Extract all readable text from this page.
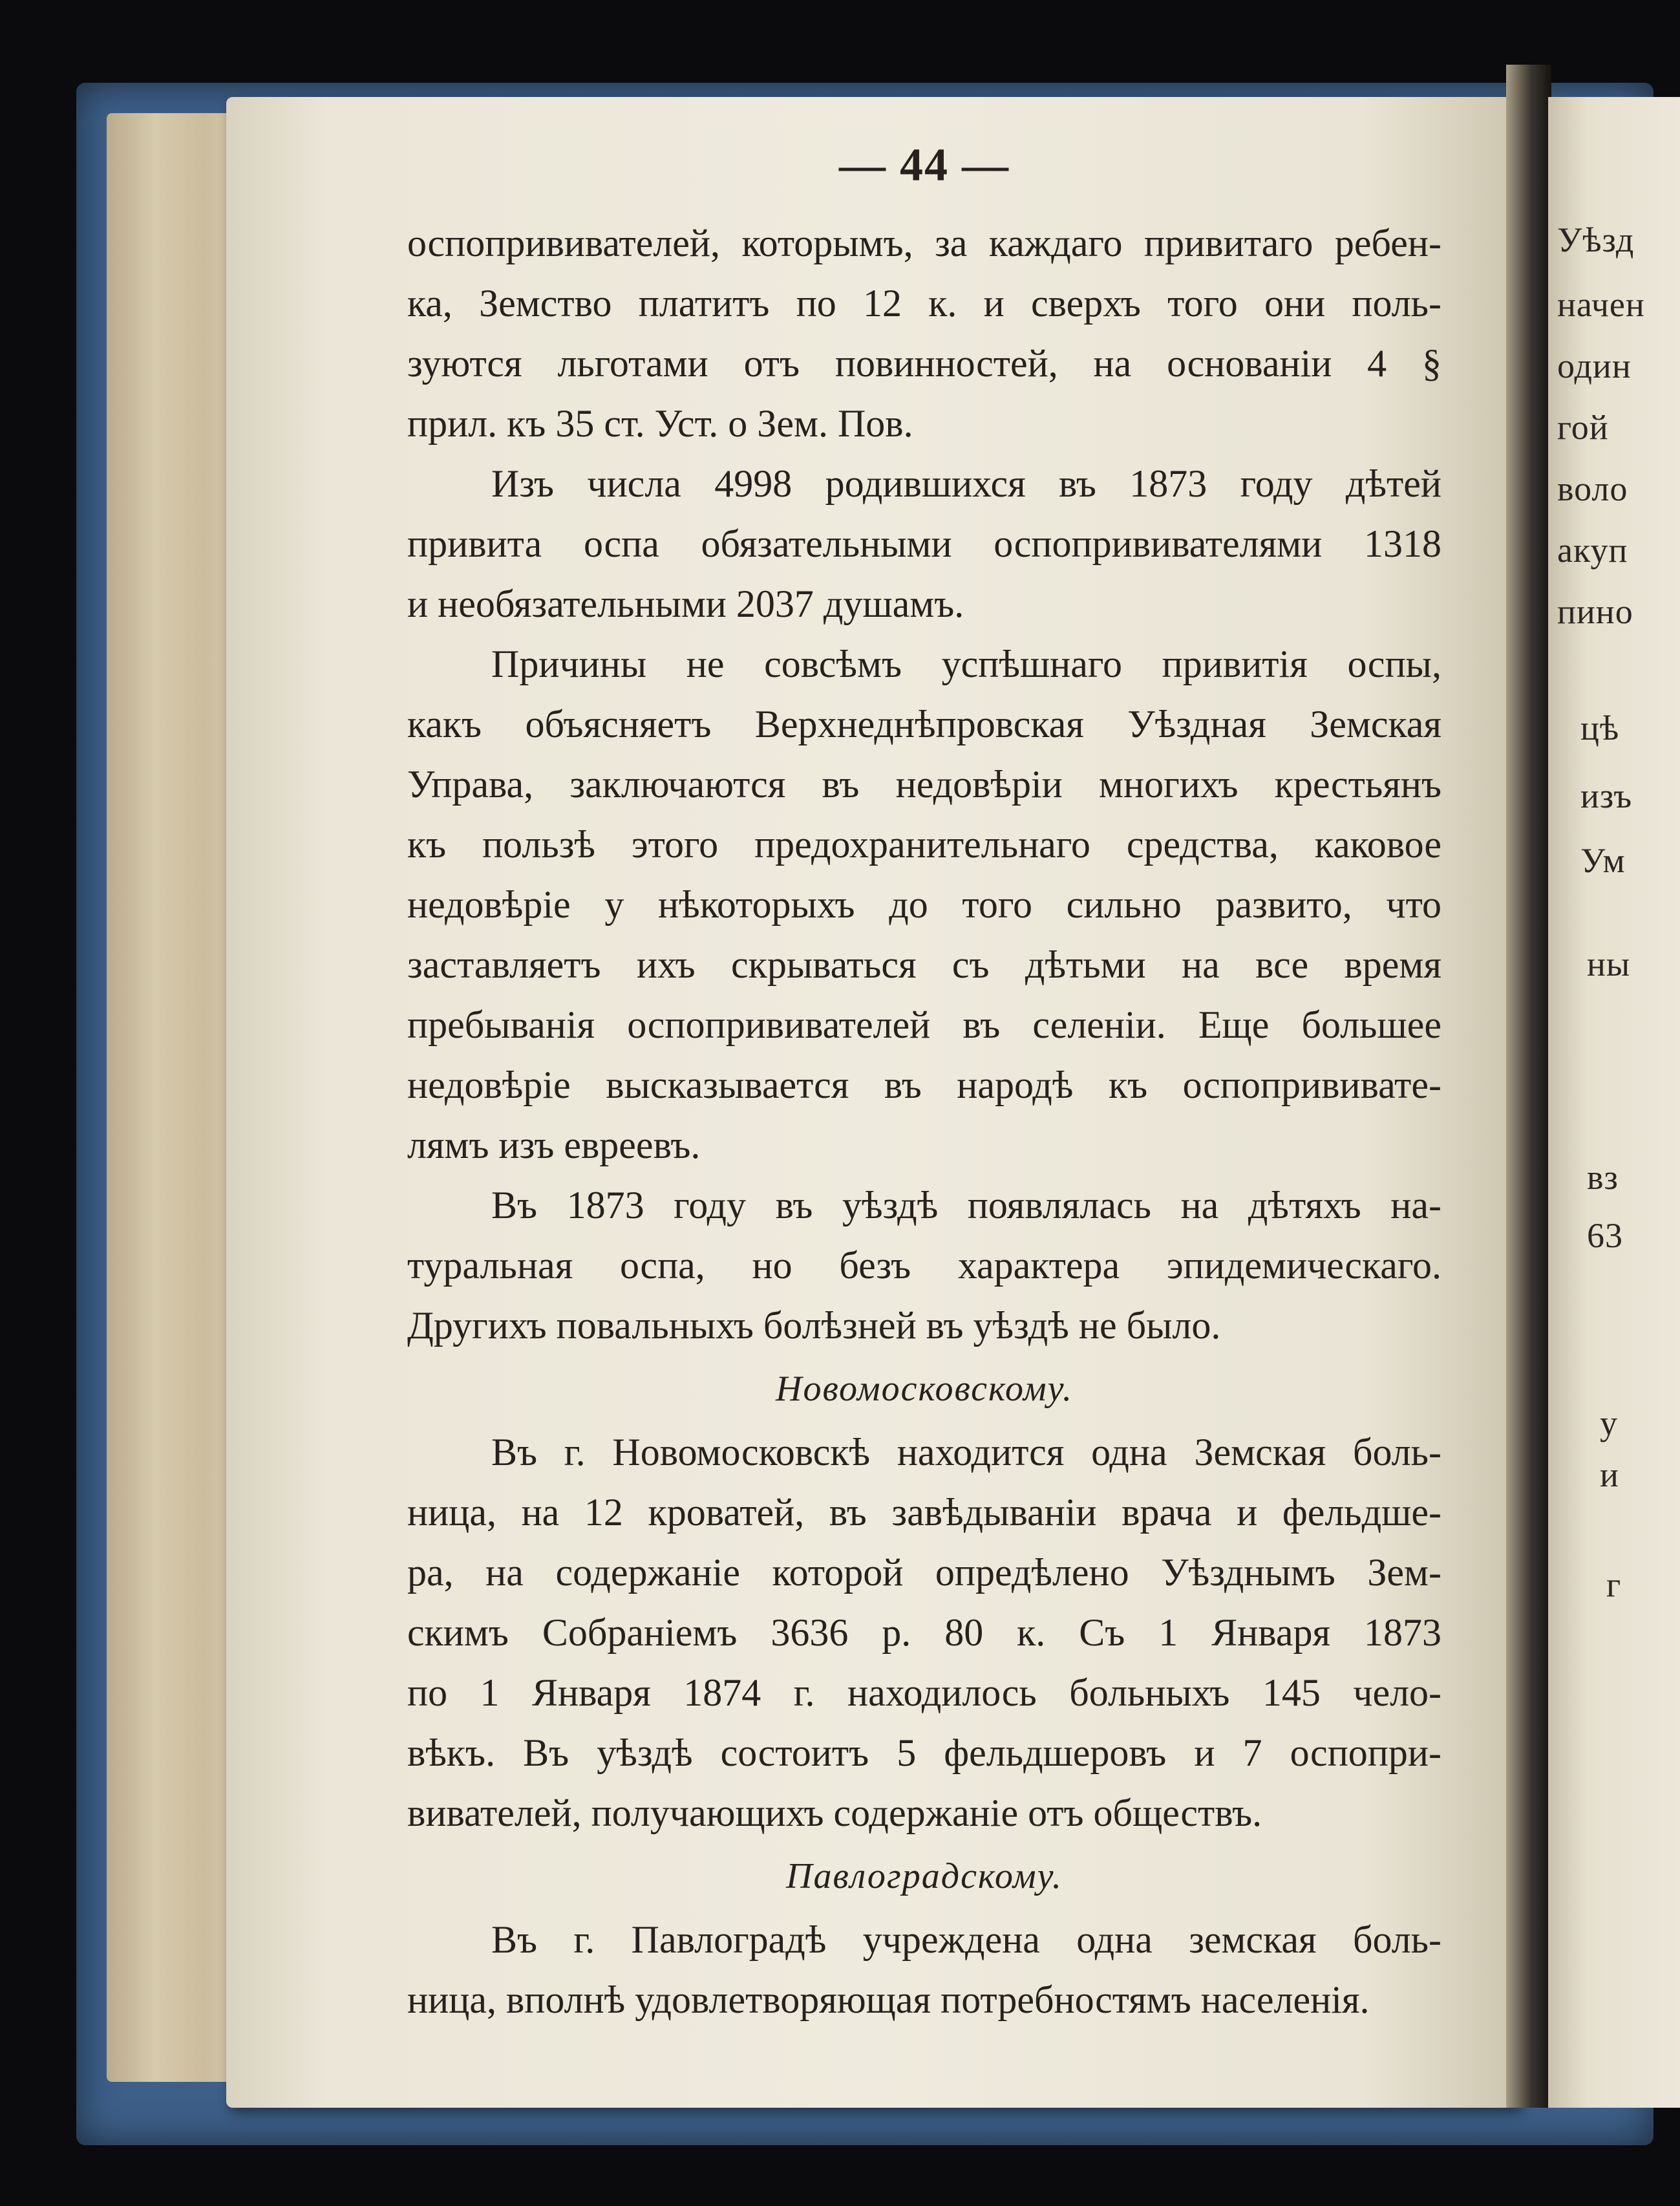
Уѣзд
начен
один
гой
воло
акуп
пино
цѣ
изъ
Ум
ны
вз
63
у
и
г
— 44 —
оспопрививателей, которымъ, за каждаго привитаго ребен-
ка, Земство платитъ по 12 к. и сверхъ того они поль-
зуются льготами отъ повинностей, на основаніи 4 §
прил. къ 35 ст. Уст. о Зем. Пов.
Изъ числа 4998 родившихся въ 1873 году дѣтей
привита оспа обязательными оспопрививателями 1318
и необязательными 2037 душамъ.
Причины не совсѣмъ успѣшнаго привитія оспы,
какъ объясняетъ Верхнеднѣпровская Уѣздная Земская
Управа, заключаются въ недовѣріи многихъ крестьянъ
къ пользѣ этого предохранительнаго средства, каковое
недовѣріе у нѣкоторыхъ до того сильно развито, что
заставляетъ ихъ скрываться съ дѣтьми на все время
пребыванія оспопрививателей въ селеніи. Еще большее
недовѣріе высказывается въ народѣ къ оспопрививате-
лямъ изъ евреевъ.
Въ 1873 году въ уѣздѣ появлялась на дѣтяхъ на-
туральная оспа, но безъ характера эпидемическаго.
Другихъ повальныхъ болѣзней въ уѣздѣ не было.
Новомосковскому.
Въ г. Новомосковскѣ находится одна Земская боль-
ница, на 12 кроватей, въ завѣдываніи врача и фельдше-
ра, на содержаніе которой опредѣлено Уѣзднымъ Зем-
скимъ Собраніемъ 3636 р. 80 к. Съ 1 Января 1873
по 1 Января 1874 г. находилось больныхъ 145 чело-
вѣкъ. Въ уѣздѣ состоитъ 5 фельдшеровъ и 7 оспопри-
вивателей, получающихъ содержаніе отъ обществъ.
Павлоградскому.
Въ г. Павлоградѣ учреждена одна земская боль-
ница, вполнѣ удовлетворяющая потребностямъ населенія.
